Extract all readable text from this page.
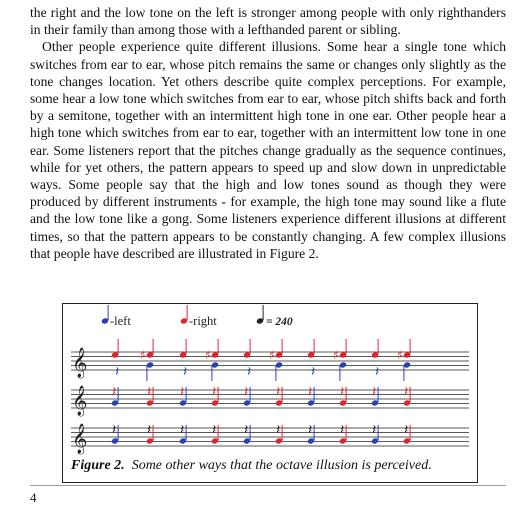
the right and the low tone on the left is stronger among people with only righthanders in their family than among those with a lefthanded parent or sibling.

Other people experience quite different illusions. Some hear a single tone which switches from ear to ear, whose pitch remains the same or changes only slightly as the tone changes location. Yet others describe quite complex perceptions. For example, some hear a low tone which switches from ear to ear, whose pitch shifts back and forth by a semitone, together with an intermittent high tone in one ear. Other people hear a high tone which switches from ear to ear, together with an intermittent low tone in one ear. Some listeners report that the pitches change gradually as the sequence continues, while for yet others, the pattern appears to speed up and slow down in unpredictable ways. Some people say that the high and low tones sound as though they were produced by different instruments - for example, the high tone may sound like a flute and the low tone like a gong. Some listeners experience different illusions at different times, so that the pattern appears to be constantly changing. A few complex illusions that people have described are illustrated in Figure 2.

-left	-right	= 240
𝄞 𝄽
♯
𝄽
♯
𝄽
♯
𝄽
♯
𝄽
♯
𝄞 𝄽 𝄽 𝄽 𝄽 𝄽 𝄽 𝄽 𝄽 𝄽 𝄽
𝄞 𝄽 𝄽 𝄽 𝄽 𝄽 𝄽 𝄽 𝄽 𝄽 𝄽
Figure 2. Some other ways that the octave illusion is perceived.
4
